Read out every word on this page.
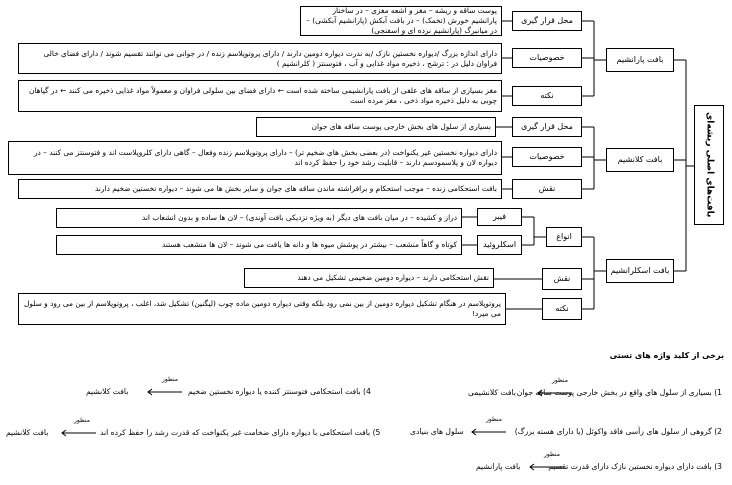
بافت‌های اصلی ریشه‌ای
بافت پارانشیم
بافت کلانشیم
بافت اسکلرانشیم
محل قرار گیری
پوست ساقه و ریشه – مغز و اشعه مغزی – در ساختار پارانشیم خورش (تخمک) – در بافت آبکش (پارانشیم آبکشی) – در میانبرگ (پارانشیم نرده ای و اسفنجی)
خصوصیات
دارای اندازه بزرگ /دیواره نخستین نازک /به ندرت دیواره دومین دارند / دارای پروتوپلاسم زنده / در جوانی می توانند تقسیم شوند / دارای فضای خالی فراوان دلیل در : ترشح ، ذخیره مواد غذایی و آب ، فتوسنتز ( کلرانشیم )
نکته
مغز بسیاری از ساقه های علفی از بافت پارانشیمی ساخته شده است ← دارای فضای بین سلولی فراوان و معمولاً مواد غذایی ذخیره می کنند ← در گیاهان چوبی به دلیل ذخیره مواد ذخی ، مغز مرده است
محل قرار گیری
بسیاری از سلول های بخش خارجی پوست ساقه های جوان
خصوصیات
دارای دیواره نخستین غیر یکنواخت (در بعضی بخش های ضخیم تر) – دارای پروتوپلاسم زنده وفعال – گاهی دارای کلروپلاست اند و فتوسنتز می کنند – در دیواره لان و پلاسمودسم دارند – قابلیت رشد خود را حفظ کرده اند
نقش
بافت استحکامی زنده – موجب استحکام و برافراشته ماندن ساقه های جوان و سایر بخش ها می شوند – دیواره نخستین ضخیم دارند
انواع
فیبر
دراز و کشیده – در میان بافت های دیگر (به ویژه نزدیکی بافت آوندی) – لان ها ساده و بدون انشعاب اند
اسکلروئید
کوتاه و گاهاً منشعب – بیشتر در پوشش میوه ها و دانه ها یافت می شوند – لان ها منشعب هستند
نقش
نقش استحکامی دارند – دیواره دومین ضخیمی تشکیل می دهند
نکته
پروتوپلاسم در هنگام تشکیل دیواره دومین از بین نمی رود بلکه وقتی دیواره دومین ماده چوب (لیگنین) تشکیل شد، اغلب ، پروتوپلاسم از بین می رود و سلول می میرد!
برخی از کلید واژه های تستی
1) بسیاری از سلول های واقع در بخش خارجی پوست ساقه جوان
منظور
بافت کلانشیمی
2) گروهی از سلول های رأسی فاقد واکوئل (یا دارای هسته بزرگ)
منظور
سلول های بنیادی
3) بافت دارای دیواره نخستین نازک دارای قدرت تقسیم
منظور
بافت پارانشیم
4) بافت استحکامی فتوسنتز کننده یا دیواره نخستین ضخیم
منظور
بافت کلانشیم
5) بافت استحکامی با دیواره دارای ضخامت غیر یکنواخت که قدرت رشد را حفظ کرده اند
منظور
بافت کلانشیم
